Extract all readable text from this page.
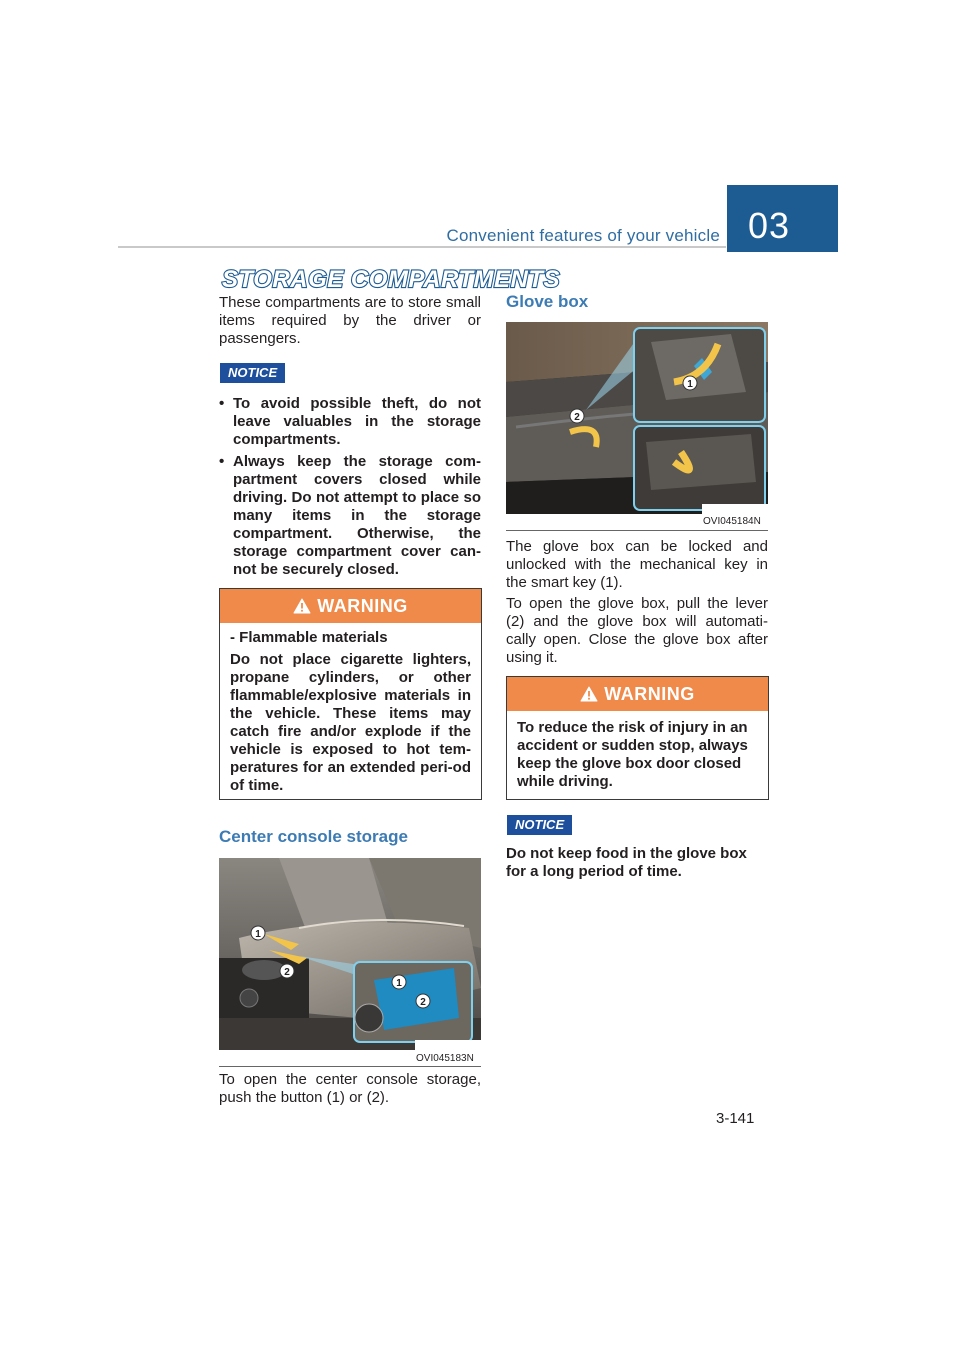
Convenient features of your vehicle 03
STORAGE COMPARTMENTS
These compartments are to store small items required by the driver or passengers.
NOTICE
• To avoid possible theft, do not leave valuables in the storage compartments.
• Always keep the storage com-partment covers closed while driving. Do not attempt to place so many items in the storage compartment. Otherwise, the storage compartment cover can-not be securely closed.
WARNING
- Flammable materials
Do not place cigarette lighters, propane cylinders, or other flammable/explosive materials in the vehicle. These items may catch fire and/or explode if the vehicle is exposed to hot tem-peratures for an extended peri-od of time.
Center console storage
1
2
1
2
OVI045183N
To open the center console storage, push the button (1) or (2).
Glove box
2
1
OVI045184N
The glove box can be locked and unlocked with the mechanical key in the smart key (1).
To open the glove box, pull the lever (2) and the glove box will automati-cally open. Close the glove box after using it.
WARNING
To reduce the risk of injury in an accident or sudden stop, always keep the glove box door closed while driving.
NOTICE
Do not keep food in the glove box for a long period of time.
3-141
